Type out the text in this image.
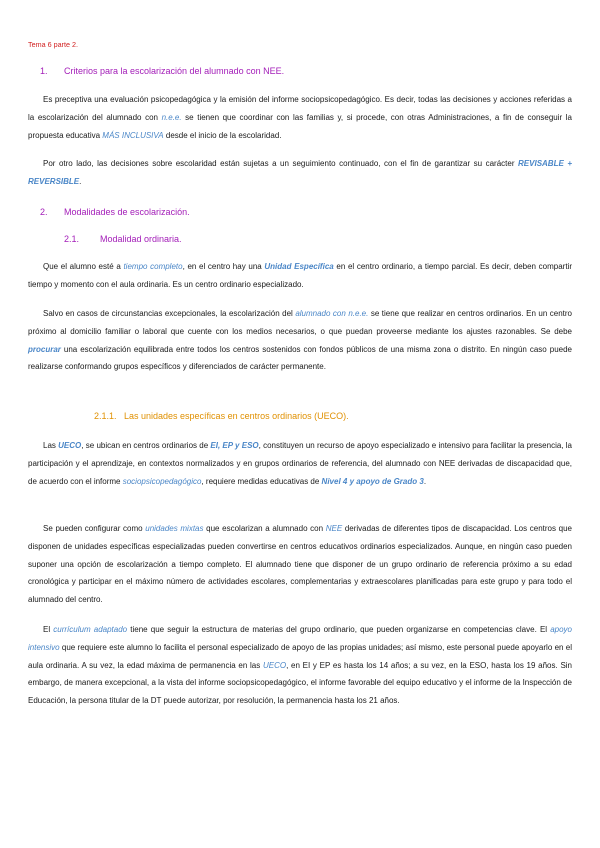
Tema 6 parte 2.
1. Criterios para la escolarización del alumnado con NEE.
Es preceptiva una evaluación psicopedagógica y la emisión del informe sociopsicopedagógico. Es decir, todas las decisiones y acciones referidas a la escolarización del alumnado con n.e.e. se tienen que coordinar con las familias y, si procede, con otras Administraciones, a fin de conseguir la propuesta educativa MÁS INCLUSIVA desde el inicio de la escolaridad.
Por otro lado, las decisiones sobre escolaridad están sujetas a un seguimiento continuado, con el fin de garantizar su carácter REVISABLE + REVERSIBLE.
2. Modalidades de escolarización.
2.1. Modalidad ordinaria.
Que el alumno esté a tiempo completo, en el centro hay una Unidad Específica en el centro ordinario, a tiempo parcial. Es decir, deben compartir tiempo y momento con el aula ordinaria. Es un centro ordinario especializado.
Salvo en casos de circunstancias excepcionales, la escolarización del alumnado con n.e.e. se tiene que realizar en centros ordinarios. En un centro próximo al domicilio familiar o laboral que cuente con los medios necesarios, o que puedan proveerse mediante los ajustes razonables. Se debe procurar una escolarización equilibrada entre todos los centros sostenidos con fondos públicos de una misma zona o distrito. En ningún caso puede realizarse conformando grupos específicos y diferenciados de carácter permanente.
2.1.1. Las unidades específicas en centros ordinarios (UECO).
Las UECO, se ubican en centros ordinarios de EI, EP y ESO, constituyen un recurso de apoyo especializado e intensivo para facilitar la presencia, la participación y el aprendizaje, en contextos normalizados y en grupos ordinarios de referencia, del alumnado con NEE derivadas de discapacidad que, de acuerdo con el informe sociopsicopedagógico, requiere medidas educativas de Nivel 4 y apoyo de Grado 3.
Se pueden configurar como unidades mixtas que escolarizan a alumnado con NEE derivadas de diferentes tipos de discapacidad. Los centros que disponen de unidades específicas especializadas pueden convertirse en centros educativos ordinarios especializados. Aunque, en ningún caso pueden suponer una opción de escolarización a tiempo completo. El alumnado tiene que disponer de un grupo ordinario de referencia próximo a su edad cronológica y participar en el máximo número de actividades escolares, complementarias y extraescolares planificadas para este grupo y para todo el alumnado del centro.
El currículum adaptado tiene que seguir la estructura de materias del grupo ordinario, que pueden organizarse en competencias clave. El apoyo intensivo que requiere este alumno lo facilita el personal especializado de apoyo de las propias unidades; así mismo, este personal puede apoyarlo en el aula ordinaria. A su vez, la edad máxima de permanencia en las UECO, en EI y EP es hasta los 14 años; a su vez, en la ESO, hasta los 19 años. Sin embargo, de manera excepcional, a la vista del informe sociopsicopedagógico, el informe favorable del equipo educativo y el informe de la Inspección de Educación, la persona titular de la DT puede autorizar, por resolución, la permanencia hasta los 21 años.
